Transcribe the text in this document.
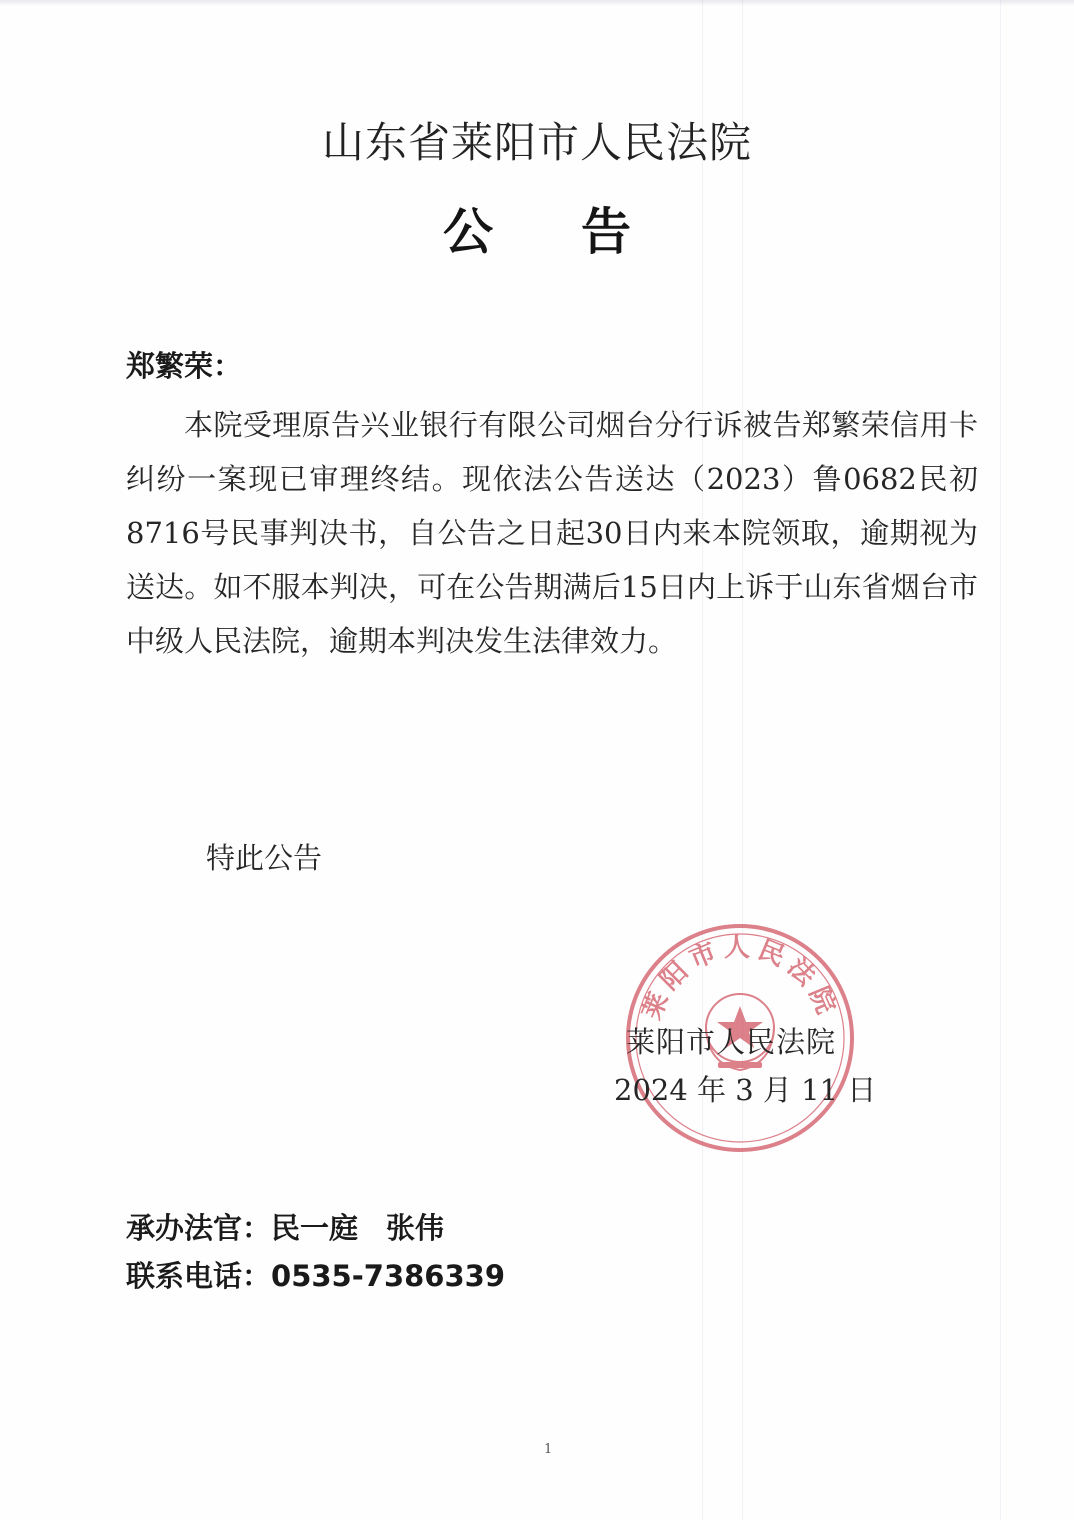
山东省莱阳市人民法院
公 告
郑繁荣：

本院受理原告兴业银行有限公司烟台分行诉被告郑繁荣信用卡纠纷一案现已审理终结。现依法公告送达（2023）鲁0682民初8716号民事判决书，自公告之日起30日内来本院领取，逾期视为送达。如不服本判决，可在公告期满后15日内上诉于山东省烟台市中级人民法院，逾期本判决发生法律效力。

特此公告
莱阳市人民法院
莱阳市人民法院
2024 年 3 月 11 日
承办法官：民一庭 张伟
联系电话：0535-7386339
1
